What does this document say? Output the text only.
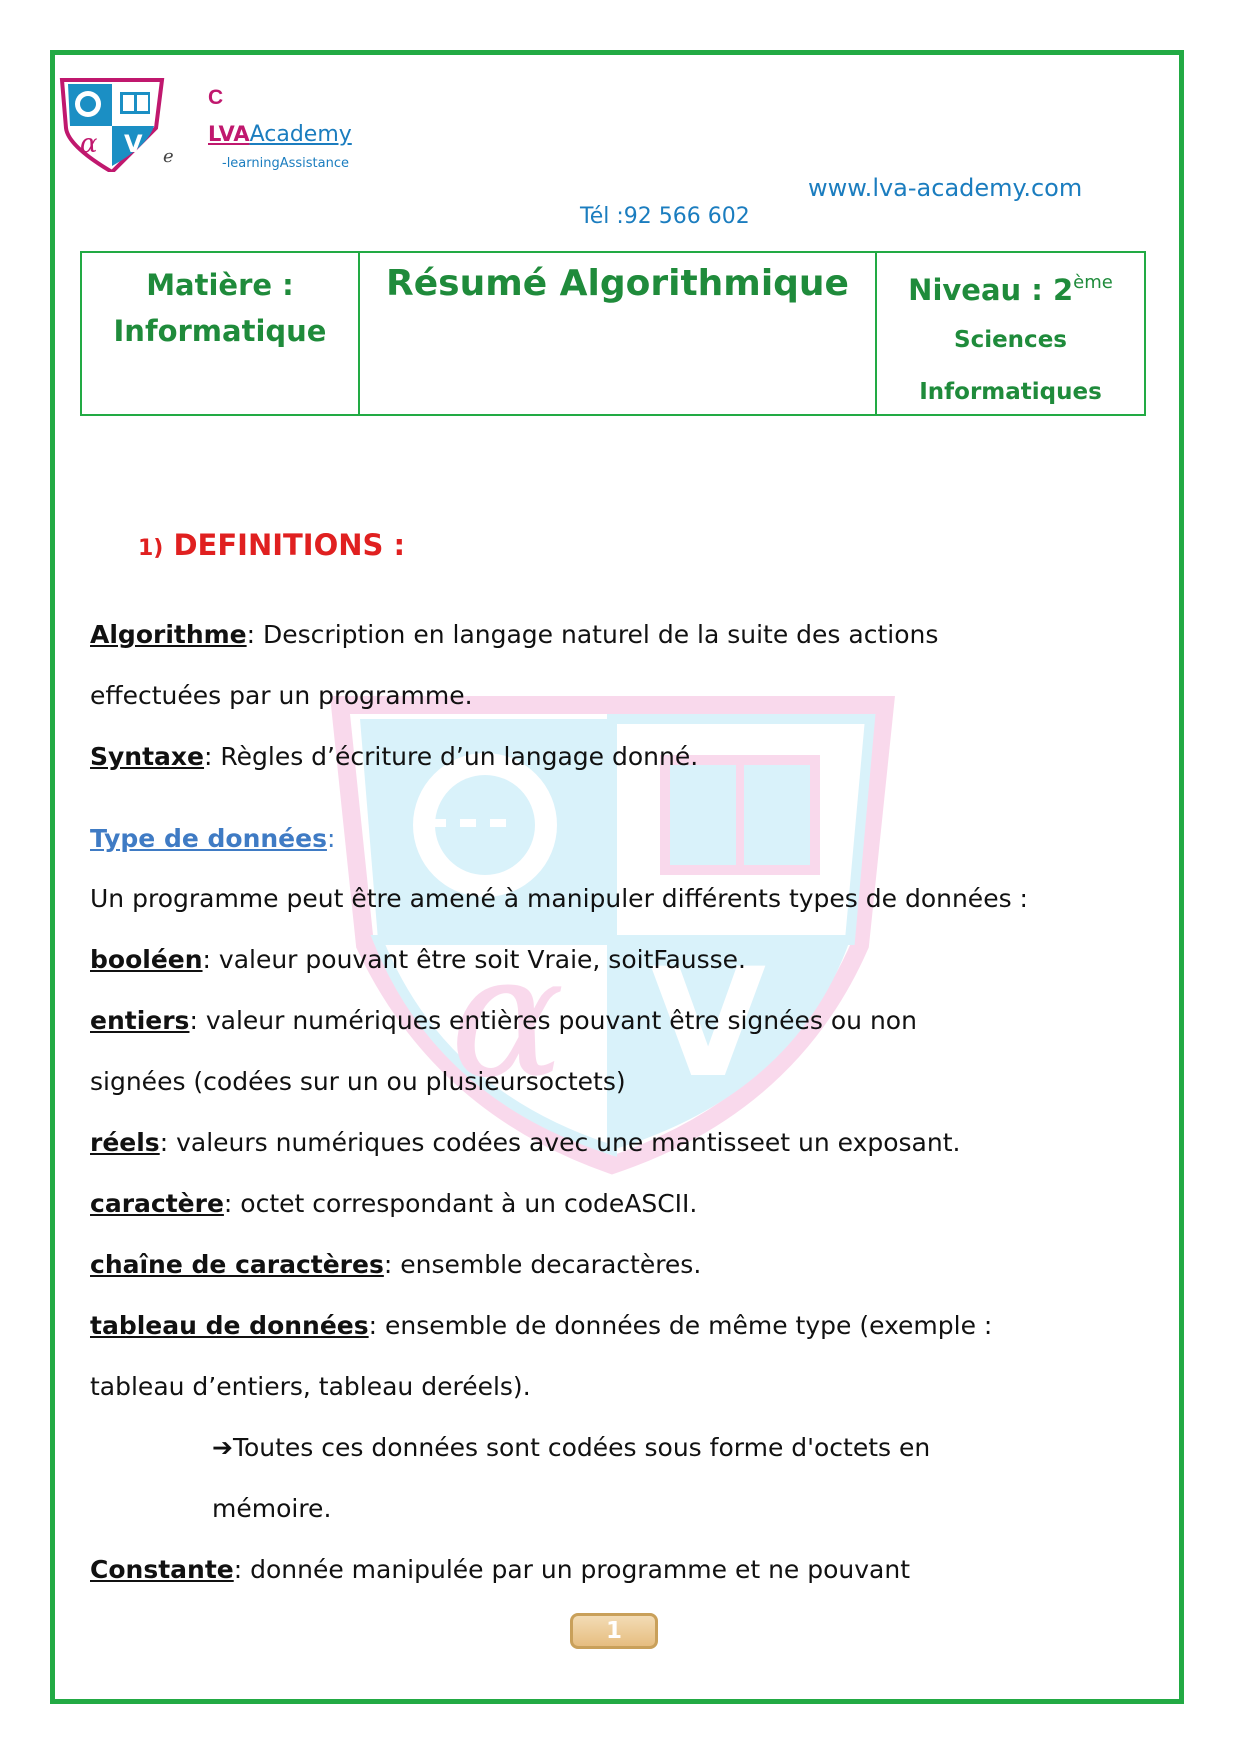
α V
C
LVAAcademy
e	-learningAssistance
www.lva-academy.com
Tél :92 566 602
Matière :
Informatique
Résumé Algorithmique	Niveau : 2ème
Sciences
Informatiques
α V
1) DEFINITIONS :
Algorithme: Description en langage naturel de la suite des actions
effectuées par un programme.
Syntaxe: Règles d’écriture d’un langage donné.
Type de données:
Un programme peut être amené à manipuler différents types de données :
booléen: valeur pouvant être soit Vraie, soitFausse.
entiers: valeur numériques entières pouvant être signées ou non
signées (codées sur un ou plusieursoctets)
réels: valeurs numériques codées avec une mantisseet un exposant.
caractère: octet correspondant à un codeASCII.
chaîne de caractères: ensemble decaractères.
tableau de données: ensemble de données de même type (exemple :
tableau d’entiers, tableau deréels).
➔Toutes ces données sont codées sous forme d'octets en
mémoire.
Constante: donnée manipulée par un programme et ne pouvant
1
